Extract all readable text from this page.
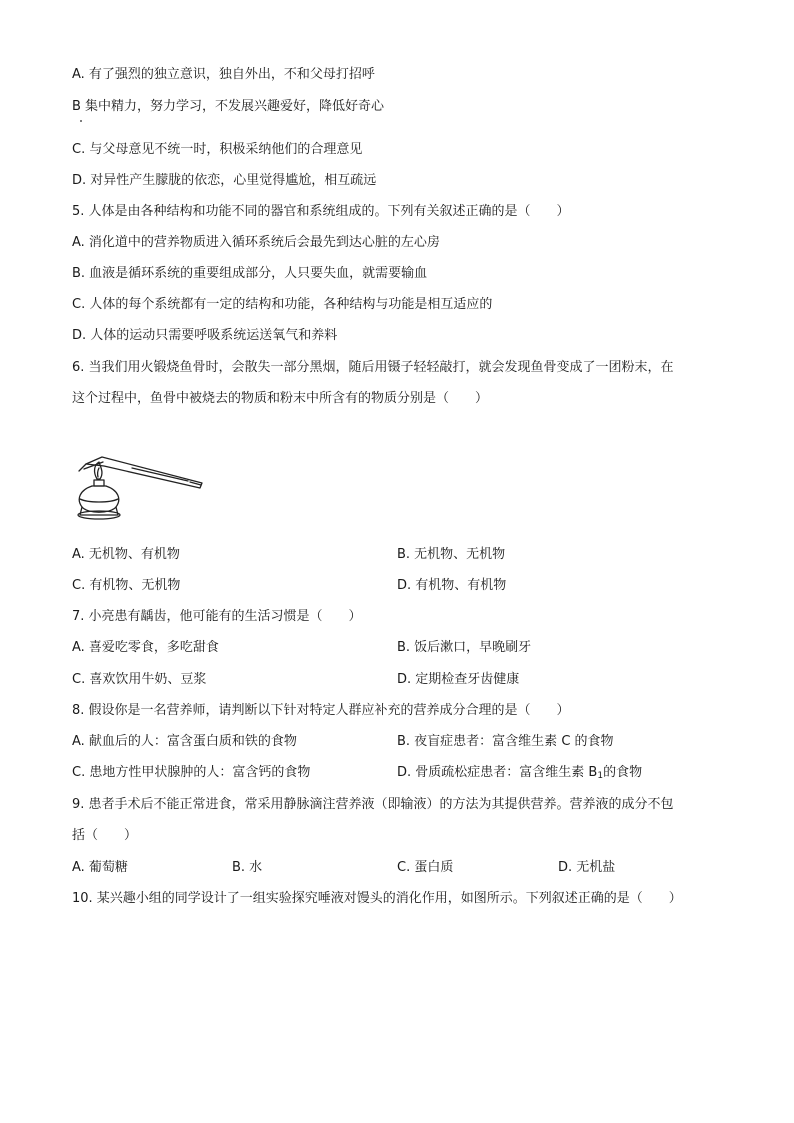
A. 有了强烈的独立意识，独自外出，不和父母打招呼
B 集中精力，努力学习，不发展兴趣爱好，降低好奇心
C. 与父母意见不统一时，积极采纳他们的合理意见
D. 对异性产生朦胧的依恋，心里觉得尴尬，相互疏远
5. 人体是由各种结构和功能不同的器官和系统组成的。下列有关叙述正确的是（　　）
A. 消化道中的营养物质进入循环系统后会最先到达心脏的左心房
B. 血液是循环系统的重要组成部分，人只要失血，就需要输血
C. 人体的每个系统都有一定的结构和功能，各种结构与功能是相互适应的
D. 人体的运动只需要呼吸系统运送氧气和养料
6. 当我们用火锻烧鱼骨时，会散失一部分黑烟，随后用镊子轻轻敲打，就会发现鱼骨变成了一团粉末，在
这个过程中，鱼骨中被烧去的物质和粉末中所含有的物质分别是（　　）
A. 无机物、有机物	B. 无机物、无机物
C. 有机物、无机物	D. 有机物、有机物
7. 小亮患有龋齿，他可能有的生活习惯是（　　）
A. 喜爱吃零食，多吃甜食	B. 饭后漱口，早晚刷牙
C. 喜欢饮用牛奶、豆浆	D. 定期检查牙齿健康
8. 假设你是一名营养师，请判断以下针对特定人群应补充的营养成分合理的是（　　）
A. 献血后的人：富含蛋白质和铁的食物	B. 夜盲症患者：富含维生素 C 的食物
C. 患地方性甲状腺肿的人：富含钙的食物	D. 骨质疏松症患者：富含维生素 $B_1$的食物
9. 患者手术后不能正常进食，常采用静脉滴注营养液（即输液）的方法为其提供营养。营养液的成分不包
括（　　）
A. 葡萄糖	B. 水	C. 蛋白质	D. 无机盐
10. 某兴趣小组的同学设计了一组实验探究唾液对馒头的消化作用，如图所示。下列叙述正确的是（　　）
